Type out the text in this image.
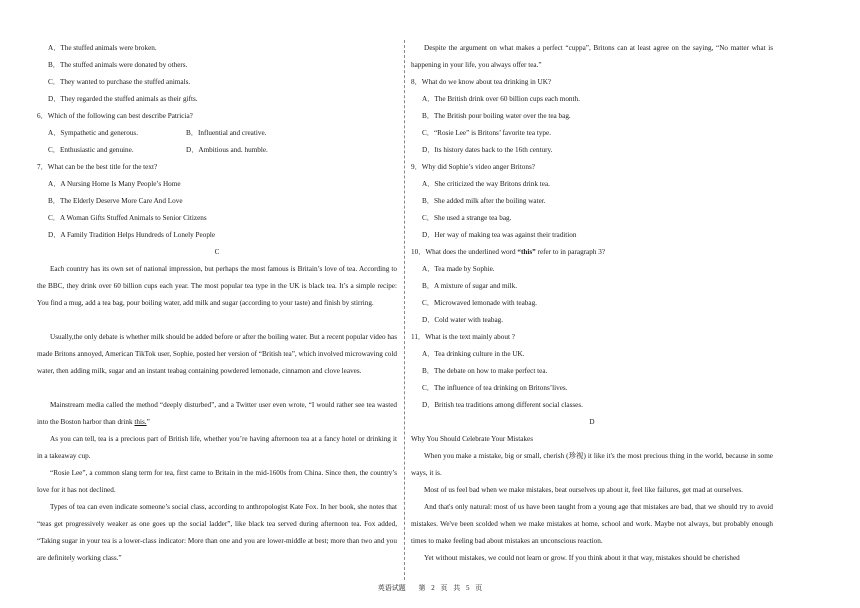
A．The stuffed animals were broken.
B．The stuffed animals were donated by others.
C．They wanted to purchase the stuffed animals.
D．They regarded the stuffed animals as their gifts.
6．Which of the following can best describe Patricia?
A．Sympathetic and generous.	B．Influential and creative.
C．Enthusiastic and genuine.	D．Ambitious and. humble.
7．What can be the best title for the text?
A．A Nursing Home Is Many People’s Home
B．The Elderly Deserve More Care And Love
C．A Woman Gifts Stuffed Animals to Senior Citizens
D．A Family Tradition Helps Hundreds of Lonely People
C
Each country has its own set of national impression, but perhaps the most famous is Britain’s love of tea. According to the BBC, they drink over 60 billion cups each year. The most popular tea type in the UK is black tea. It’s a simple recipe: You find a mug, add a tea bag, pour boiling water, add milk and sugar (according to your taste) and finish by stirring.
Usually,the only debate is whether milk should be added before or after the boiling water. But a recent popular video has made Britons annoyed, American TikTok user, Sophie, posted her version of “British tea”, which involved microwaving cold water, then adding milk, sugar and an instant teabag containing powdered lemonade, cinnamon and clove leaves.
Mainstream media called the method “deeply disturbed”, and a Twitter user even wrote, “I would rather see tea wasted into the Boston harbor than drink this.”
As you can tell, tea is a precious part of British life, whether you’re having afternoon tea at a fancy hotel or drinking it in a takeaway cup.
“Rosie Lee”, a common slang term for tea, first came to Britain in the mid-1600s from China. Since then, the country’s love for it has not declined.
Types of tea can even indicate someone’s social class, according to anthropologist Kate Fox. In her book, she notes that “teas get progressively weaker as one goes up the social ladder”, like black tea served during afternoon tea. Fox added, “Taking sugar in your tea is a lower-class indicator: More than one and you are lower-middle at best; more than two and you are definitely working class.”
Despite the argument on what makes a perfect “cuppa”, Britons can at least agree on the saying, “No matter what is happening in your life, you always offer tea.”
8．What do we know about tea drinking in UK?
A．The British drink over 60 billion cups each month.
B．The British pour boiling water over the tea bag.
C．“Rosie Lee” is Britons’ favorite tea type.
D．Its history dates back to the 16th century.
9．Why did Sophie’s video anger Britons?
A．She criticized the way Britons drink tea.
B．She added milk after the boiling water.
C．She used a strange tea bag.
D．Her way of making tea was against their tradition
10．What does the underlined word “this” refer to in paragraph 3?
A．Tea made by Sophie.
B．A mixture of sugar and milk.
C．Microwaved lemonade with teabag.
D．Cold water with teabag.
11．What is the text mainly about ?
A．Tea drinking culture in the UK.
B．The debate on how to make perfect tea.
C．The influence of tea drinking on Britons’lives.
D．British tea traditions among different social classes.
D
Why You Should Celebrate Your Mistakes
When you make a mistake, big or small, cherish (珍视) it like it's the most precious thing in the world, because in some ways, it is.
Most of us feel bad when we make mistakes, beat ourselves up about it, feel like failures, get mad at ourselves.
And that's only natural: most of us have been taught from a young age that mistakes are bad, that we should try to avoid mistakes. We've been scolded when we make mistakes at home, school and work. Maybe not always, but probably enough times to make feeling bad about mistakes an unconscious reaction.
Yet without mistakes, we could not learn or grow. If you think about it that way, mistakes should be cherished
英语试题　 第 2 页 共 5 页
